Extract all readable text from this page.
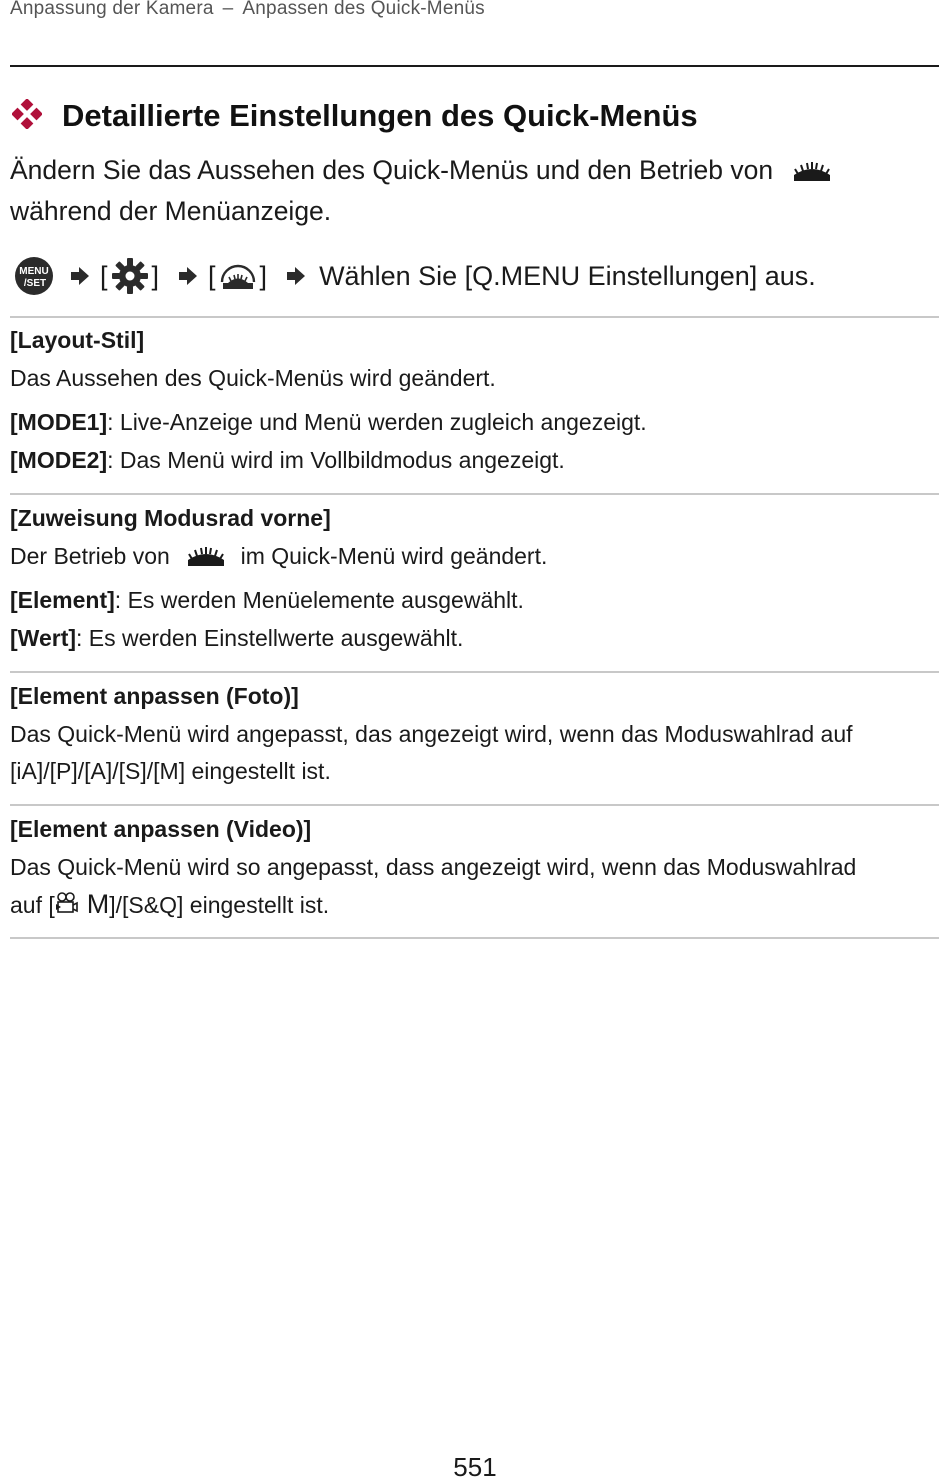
Anpassung der Kamera – Anpassen des Quick-Menüs
Detaillierte Einstellungen des Quick-Menüs
Ändern Sie das Aussehen des Quick-Menüs und den Betrieb von
während der Menüanzeige.
MENU
/SET [ ] [ ] Wählen Sie [Q.MENU Einstellungen] aus.
[Layout-Stil]
Das Aussehen des Quick-Menüs wird geändert.
[MODE1]: Live-Anzeige und Menü werden zugleich angezeigt.
[MODE2]: Das Menü wird im Vollbildmodus angezeigt.
[Zuweisung Modusrad vorne]
Der Betrieb von	im Quick-Menü wird geändert.
[Element]: Es werden Menüelemente ausgewählt.
[Wert]: Es werden Einstellwerte ausgewählt.
[Element anpassen (Foto)]
Das Quick-Menü wird angepasst, das angezeigt wird, wenn das Moduswahlrad auf
[iA]/[P]/[A]/[S]/[M] eingestellt ist.
[Element anpassen (Video)]
Das Quick-Menü wird so angepasst, dass angezeigt wird, wenn das Moduswahlrad
auf [ M]/[S&Q] eingestellt ist.
551
